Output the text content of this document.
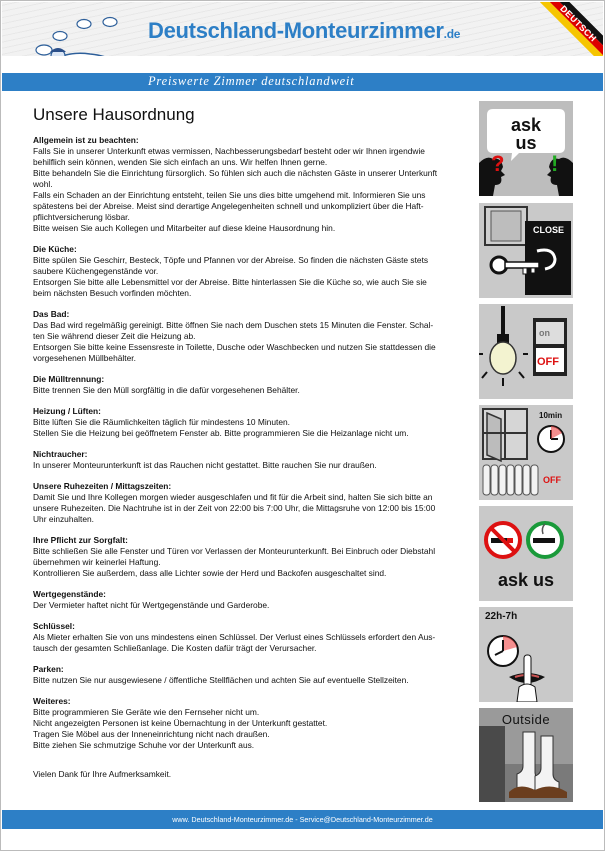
Deutschland-Monteurzimmer.de	DEUTSCH
Preiswerte Zimmer deutschlandweit
Unsere Hausordnung
Allgemein ist zu beachten:

Falls Sie in unserer Unterkunft etwas vermissen, Nachbesserungsbedarf besteht oder wir Ihnen irgendwie
behilflich sein können, wenden Sie sich einfach an uns. Wir helfen Ihnen gerne.
Bitte behandeln Sie die Einrichtung fürsorglich. So fühlen sich auch die nächsten Gäste in unserer Unterkunft
wohl.
Falls ein Schaden an der Einrichtung entsteht, teilen Sie uns dies bitte umgehend mit. Informieren Sie uns
spätestens bei der Abreise. Meist sind derartige Angelegenheiten schnell und unkompliziert über die Haft-
pflichtversicherung lösbar.
Bitte weisen Sie auch Kollegen und Mitarbeiter auf diese kleine Hausordnung hin.

Die Küche:

Bitte spülen Sie Geschirr, Besteck, Töpfe und Pfannen vor der Abreise. So finden die nächsten Gäste stets
saubere Küchengegenstände vor.
Entsorgen Sie bitte alle Lebensmittel vor der Abreise. Bitte hinterlassen Sie die Küche so, wie auch Sie sie
beim nächsten Besuch vorfinden möchten.

Das Bad:

Das Bad wird regelmäßig gereinigt. Bitte öffnen Sie nach dem Duschen stets 15 Minuten die Fenster. Schal-
ten Sie während dieser Zeit die Heizung ab.
Entsorgen Sie bitte keine Essensreste in Toilette, Dusche oder Waschbecken und nutzen Sie stattdessen die
vorgesehenen Müllbehälter.

Die Mülltrennung:

Bitte trennen Sie den Müll sorgfältig in die dafür vorgesehenen Behälter.

Heizung / Lüften:

Bitte lüften Sie die Räumlichkeiten täglich für mindestens 10 Minuten.
Stellen Sie die Heizung bei geöffnetem Fenster ab. Bitte programmieren Sie die Heizanlage nicht um.

Nichtraucher:

In unserer Monteurunterkunft ist das Rauchen nicht gestattet. Bitte rauchen Sie nur draußen.

Unsere Ruhezeiten / Mittagszeiten:

Damit Sie und Ihre Kollegen morgen wieder ausgeschlafen und fit für die Arbeit sind, halten Sie sich bitte an
unsere Ruhezeiten. Die Nachtruhe ist in der Zeit von 22:00 bis 7:00 Uhr, die Mittagsruhe von 12:00 bis 15:00
Uhr einzuhalten.

Ihre Pflicht zur Sorgfalt:

Bitte schließen Sie alle Fenster und Türen vor Verlassen der Monteurunterkunft. Bei Einbruch oder Diebstahl
übernehmen wir keinerlei Haftung.
Kontrollieren Sie außerdem, dass alle Lichter sowie der Herd und Backofen ausgeschaltet sind.

Wertgegenstände:

Der Vermieter haftet nicht für Wertgegenstände und Garderobe.

Schlüssel:

Als Mieter erhalten Sie von uns mindestens einen Schlüssel. Der Verlust eines Schlüssels erfordert den Aus-
tausch der gesamten Schließanlage. Die Kosten dafür trägt der Verursacher.

Parken:

Bitte nutzen Sie nur ausgewiesene / öffentliche Stellflächen und achten Sie auf eventuelle Stellzeiten.

Weiteres:

Bitte programmieren Sie Geräte wie den Fernseher nicht um.
Nicht angezeigten Personen ist keine Übernachtung in der Unterkunft gestattet.
Tragen Sie Möbel aus der Inneneinrichtung nicht nach draußen.
Bitte ziehen Sie schmutzige Schuhe vor der Unterkunft aus.

Vielen Dank für Ihre Aufmerksamkeit.
? !
ask
us
CLOSE
on
OFF
10min
OFF
ask us
22h-7h
Outside
www. Deutschland-Monteurzimmer.de - Service@Deutschland-Monteurzimmer.de
